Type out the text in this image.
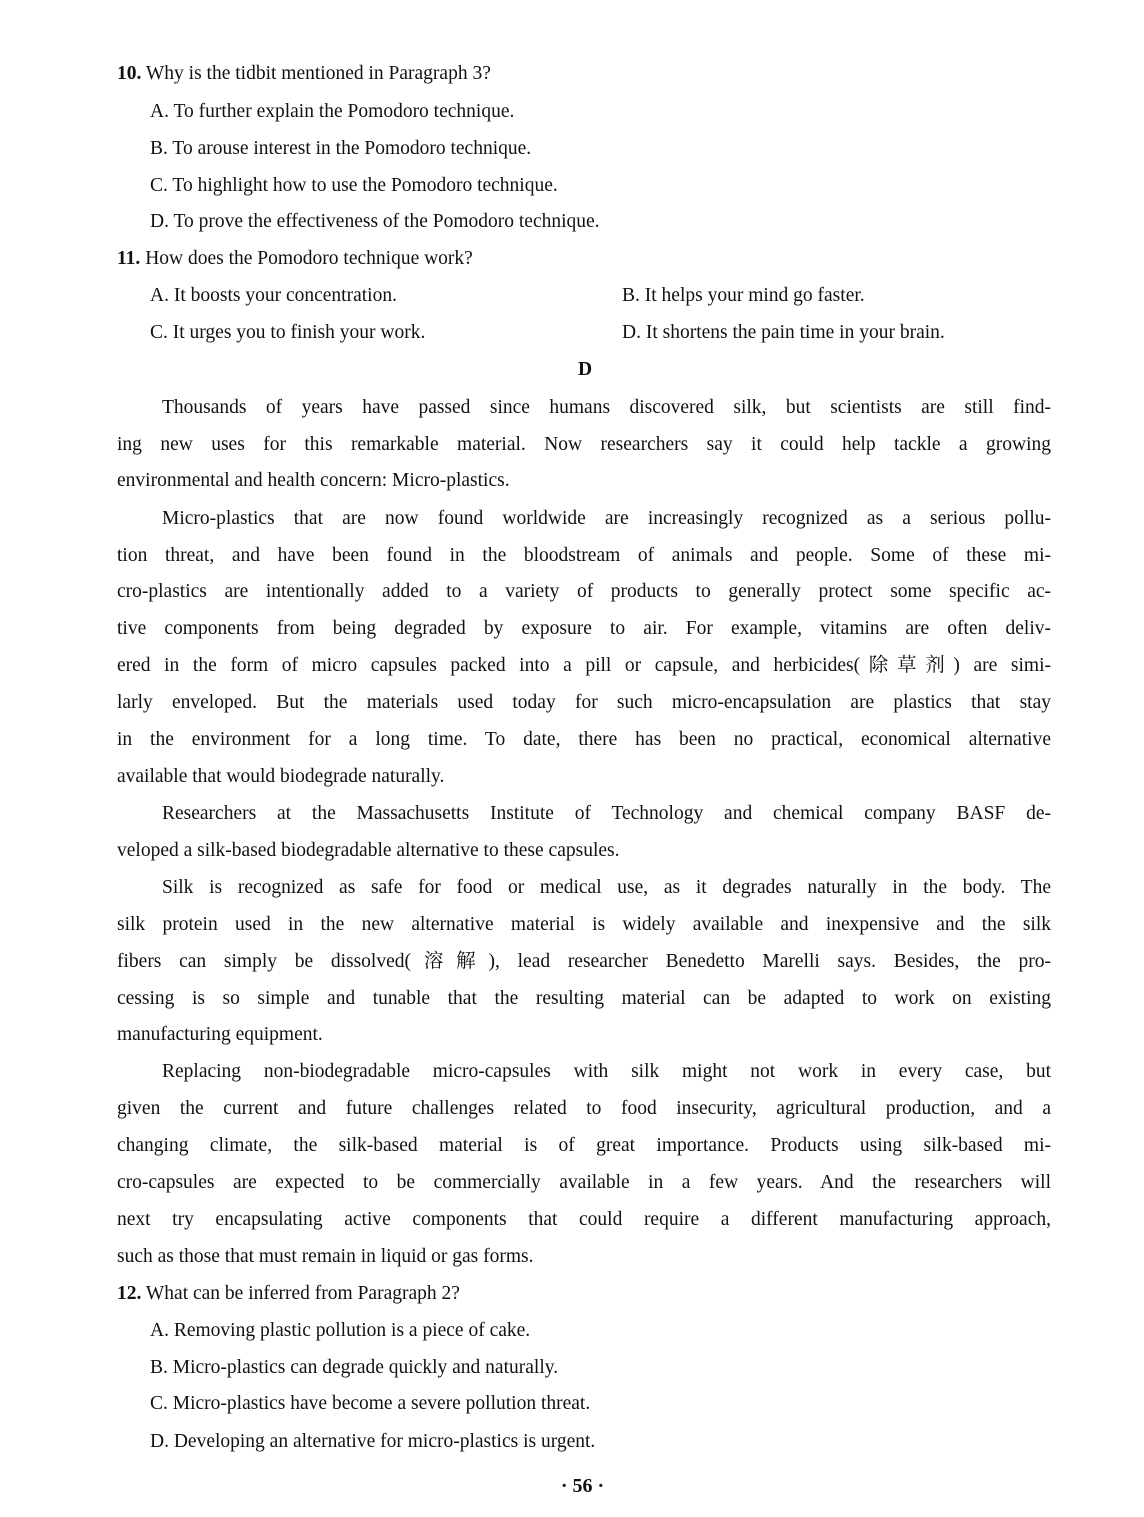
10. Why is the tidbit mentioned in Paragraph 3?
A. To further explain the Pomodoro technique.
B. To arouse interest in the Pomodoro technique.
C. To highlight how to use the Pomodoro technique.
D. To prove the effectiveness of the Pomodoro technique.
11. How does the Pomodoro technique work?
A. It boosts your concentration.	B. It helps your mind go faster.
C. It urges you to finish your work.	D. It shortens the pain time in your brain.
D
Thousands of years have passed since humans discovered silk, but scientists are still find-
ing new uses for this remarkable material. Now researchers say it could help tackle a growing
environmental and health concern: Micro-plastics.
Micro-plastics that are now found worldwide are increasingly recognized as a serious pollu-
tion threat, and have been found in the bloodstream of animals and people. Some of these mi-
cro-plastics are intentionally added to a variety of products to generally protect some specific ac-
tive components from being degraded by exposure to air. For example, vitamins are often deliv-
ered in the form of micro capsules packed into a pill or capsule, and herbicides(除草剂) are simi-
larly enveloped. But the materials used today for such micro-encapsulation are plastics that stay
in the environment for a long time. To date, there has been no practical, economical alternative
available that would biodegrade naturally.
Researchers at the Massachusetts Institute of Technology and chemical company BASF de-
veloped a silk-based biodegradable alternative to these capsules.
Silk is recognized as safe for food or medical use, as it degrades naturally in the body. The
silk protein used in the new alternative material is widely available and inexpensive and the silk
fibers can simply be dissolved(溶解), lead researcher Benedetto Marelli says. Besides, the pro-
cessing is so simple and tunable that the resulting material can be adapted to work on existing
manufacturing equipment.
Replacing non-biodegradable micro-capsules with silk might not work in every case, but
given the current and future challenges related to food insecurity, agricultural production, and a
changing climate, the silk-based material is of great importance. Products using silk-based mi-
cro-capsules are expected to be commercially available in a few years. And the researchers will
next try encapsulating active components that could require a different manufacturing approach,
such as those that must remain in liquid or gas forms.
12. What can be inferred from Paragraph 2?
A. Removing plastic pollution is a piece of cake.
B. Micro-plastics can degrade quickly and naturally.
C. Micro-plastics have become a severe pollution threat.
D. Developing an alternative for micro-plastics is urgent.
· 56 ·
